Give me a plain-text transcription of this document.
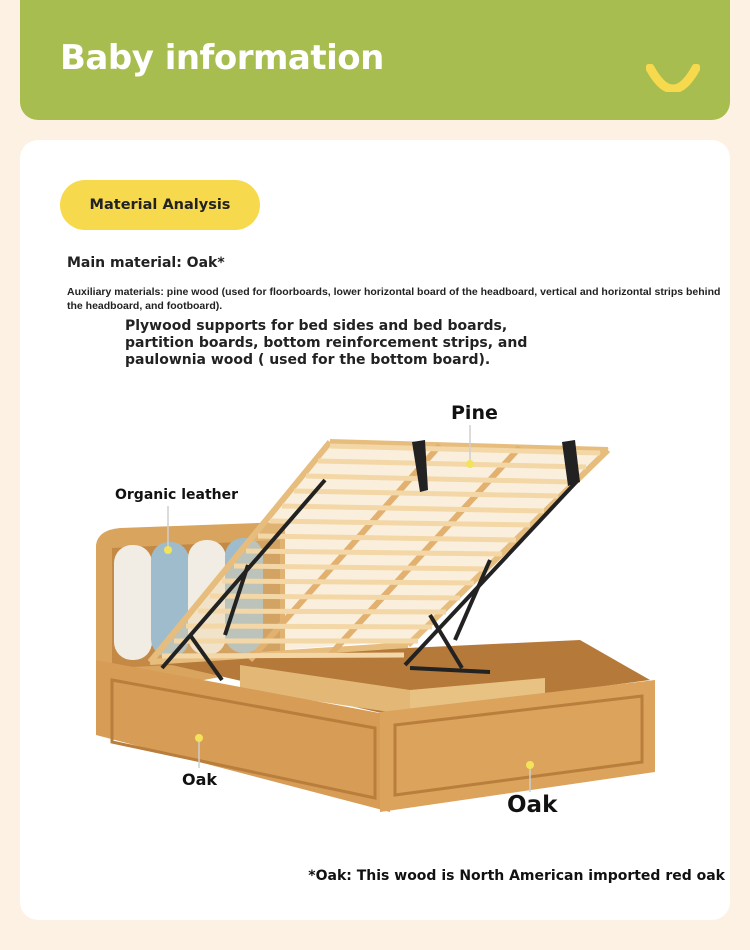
Baby information
Material Analysis
Main material: Oak*
Auxiliary materials: pine wood (used for floorboards, lower horizontal board of the headboard, vertical and horizontal strips behind the headboard, and footboard).
Plywood supports for bed sides and bed boards, partition boards, bottom reinforcement strips, and paulownia wood ( used for the bottom board).
Pine
Organic leather
Oak
Oak
*Oak: This wood is North American imported red oak
